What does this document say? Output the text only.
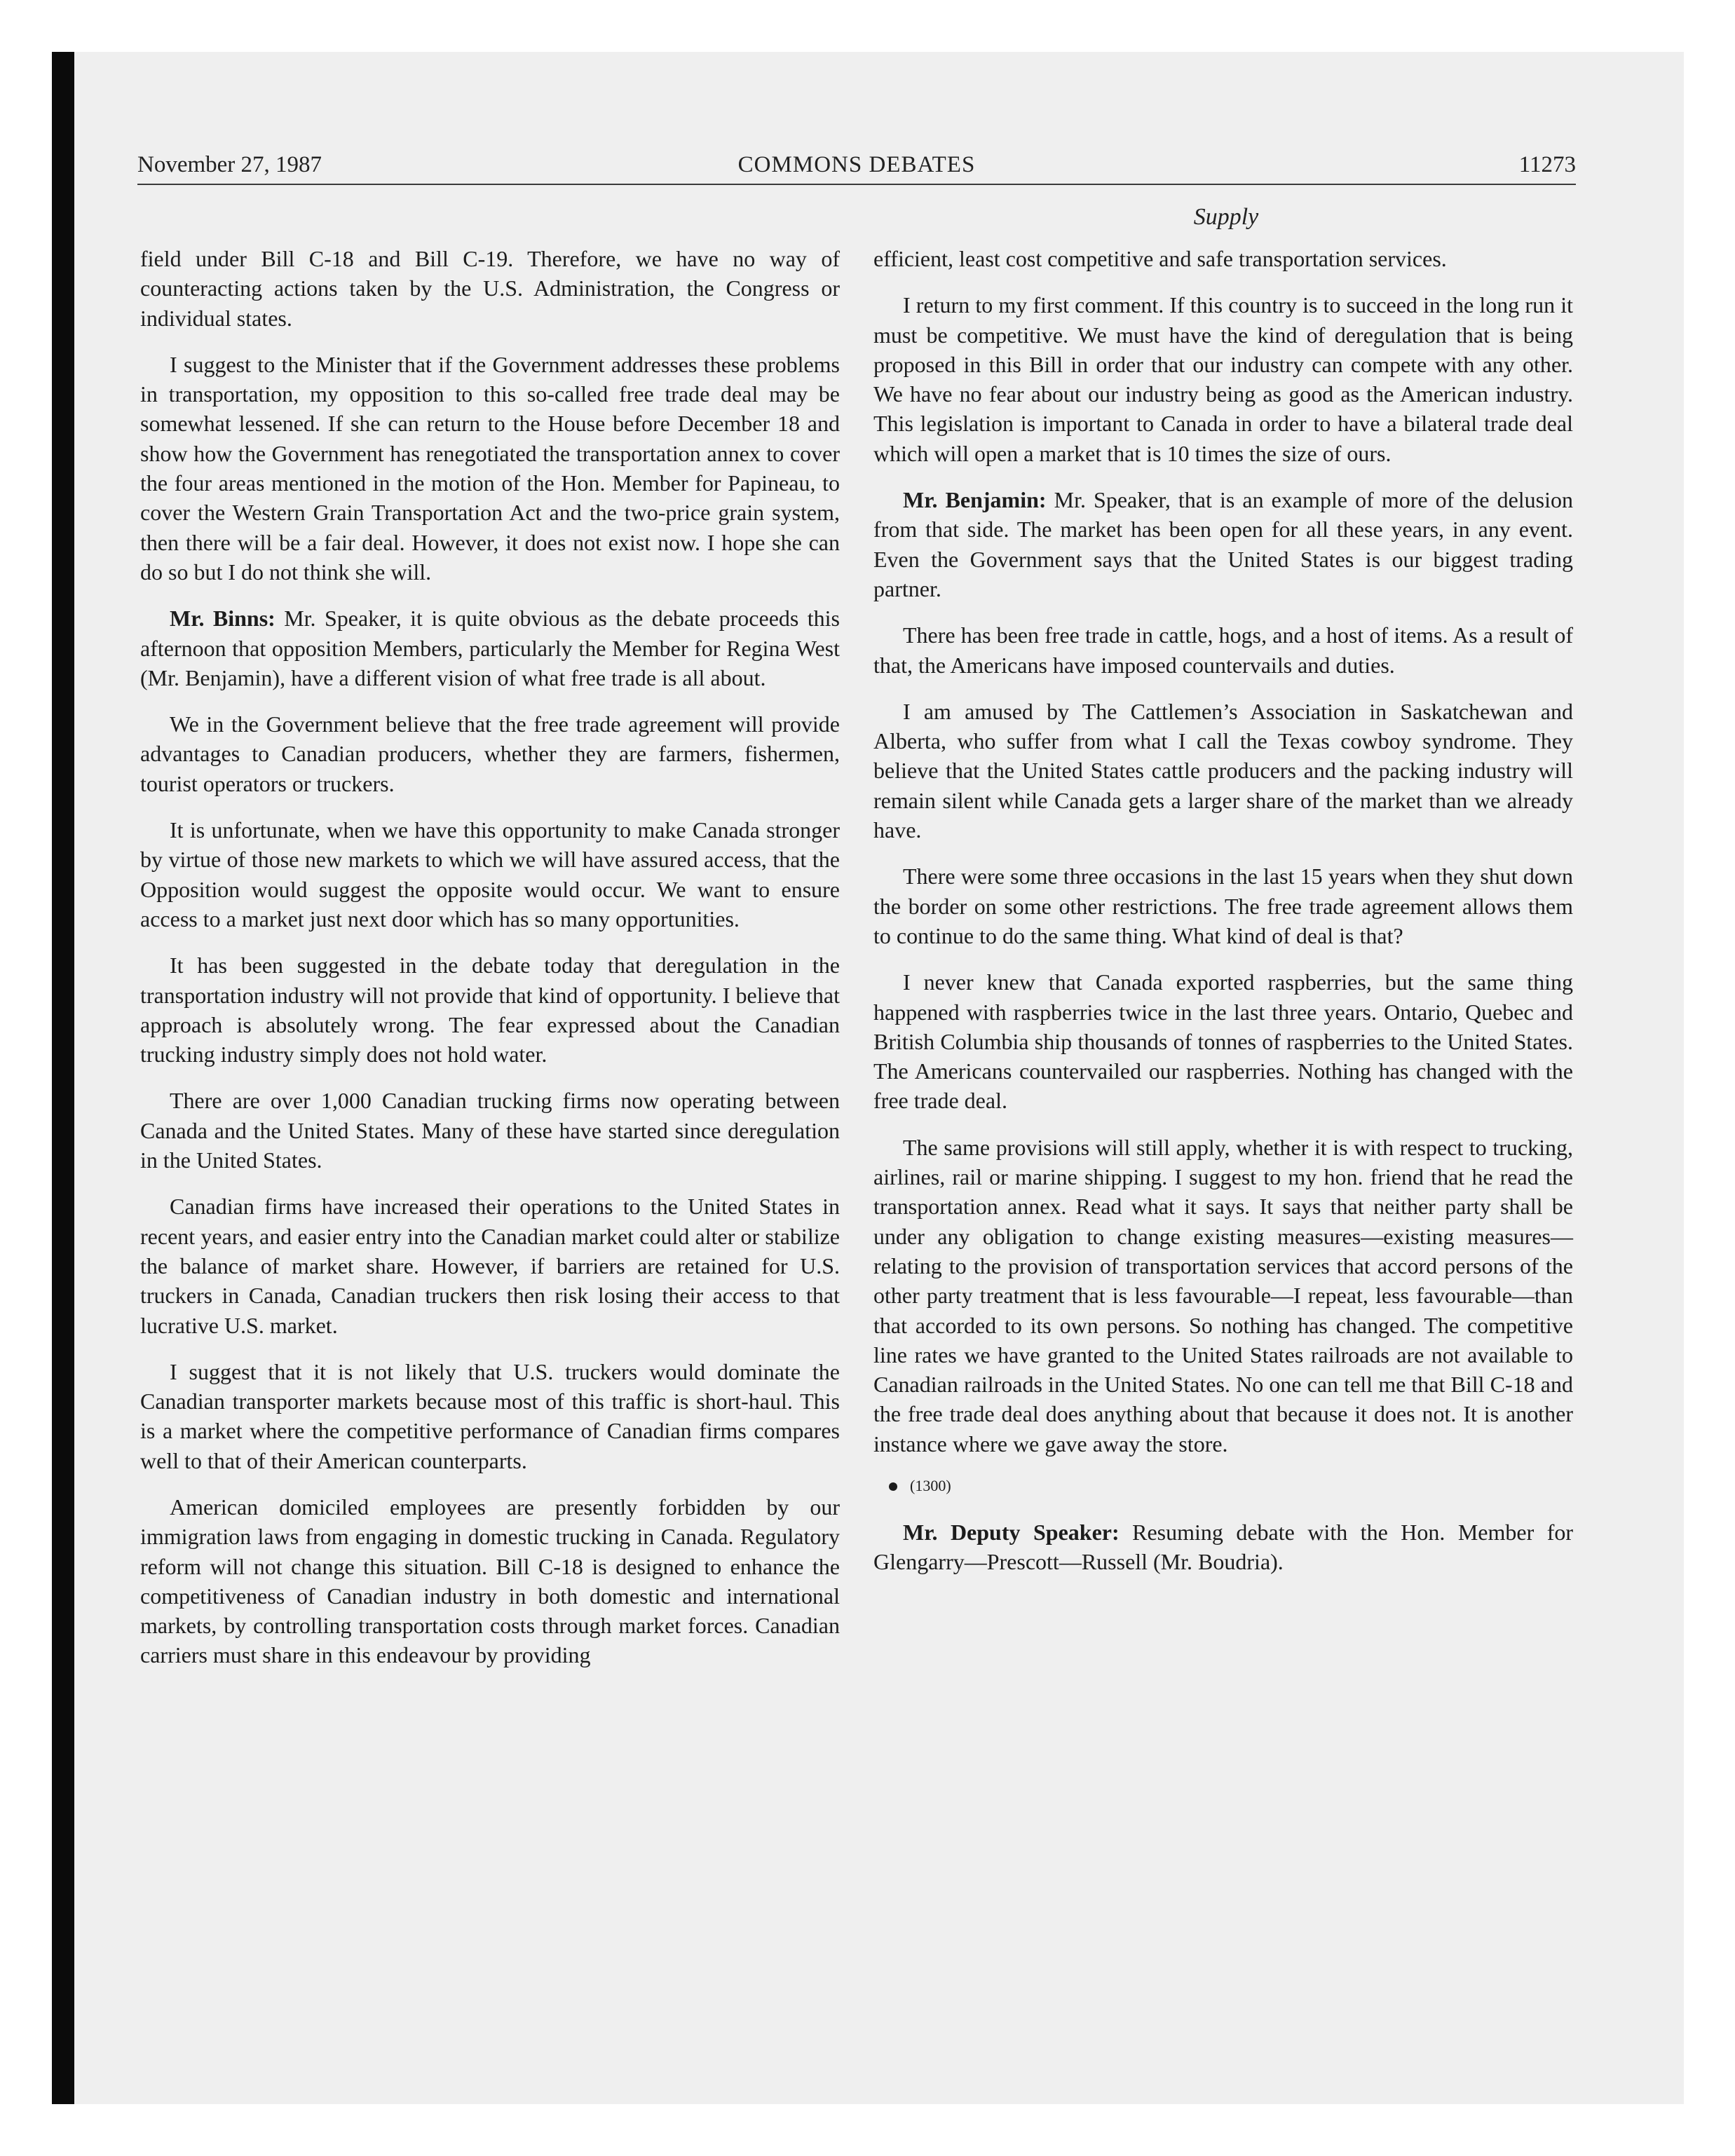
November 27, 1987	COMMONS DEBATES	11273
Supply

field under Bill C-18 and Bill C-19. Therefore, we have no way of counteracting actions taken by the U.S. Administration, the Congress or individual states.

I suggest to the Minister that if the Government addresses these problems in transportation, my opposition to this so-called free trade deal may be somewhat lessened. If she can return to the House before December 18 and show how the Government has renegotiated the transportation annex to cover the four areas mentioned in the motion of the Hon. Member for Papineau, to cover the Western Grain Transportation Act and the two-price grain system, then there will be a fair deal. However, it does not exist now. I hope she can do so but I do not think she will.

Mr. Binns: Mr. Speaker, it is quite obvious as the debate proceeds this afternoon that opposition Members, particularly the Member for Regina West (Mr. Benjamin), have a different vision of what free trade is all about.

We in the Government believe that the free trade agreement will provide advantages to Canadian producers, whether they are farmers, fishermen, tourist operators or truckers.

It is unfortunate, when we have this opportunity to make Canada stronger by virtue of those new markets to which we will have assured access, that the Opposition would suggest the opposite would occur. We want to ensure access to a market just next door which has so many opportunities.

It has been suggested in the debate today that deregulation in the transportation industry will not provide that kind of opportunity. I believe that approach is absolutely wrong. The fear expressed about the Canadian trucking industry simply does not hold water.

There are over 1,000 Canadian trucking firms now operating between Canada and the United States. Many of these have started since deregulation in the United States.

Canadian firms have increased their operations to the United States in recent years, and easier entry into the Canadian market could alter or stabilize the balance of market share. However, if barriers are retained for U.S. truckers in Canada, Canadian truckers then risk losing their access to that lucrative U.S. market.

I suggest that it is not likely that U.S. truckers would dominate the Canadian transporter markets because most of this traffic is short-haul. This is a market where the competitive performance of Canadian firms compares well to that of their American counterparts.

American domiciled employees are presently forbidden by our immigration laws from engaging in domestic trucking in Canada. Regulatory reform will not change this situation. Bill C-18 is designed to enhance the competitiveness of Canadian industry in both domestic and international markets, by controlling transportation costs through market forces. Canadian carriers must share in this endeavour by providing

efficient, least cost competitive and safe transportation services.

I return to my first comment. If this country is to succeed in the long run it must be competitive. We must have the kind of deregulation that is being proposed in this Bill in order that our industry can compete with any other. We have no fear about our industry being as good as the American industry. This legislation is important to Canada in order to have a bilateral trade deal which will open a market that is 10 times the size of ours.

Mr. Benjamin: Mr. Speaker, that is an example of more of the delusion from that side. The market has been open for all these years, in any event. Even the Government says that the United States is our biggest trading partner.

There has been free trade in cattle, hogs, and a host of items. As a result of that, the Americans have imposed countervails and duties.

I am amused by The Cattlemen’s Association in Saskatchewan and Alberta, who suffer from what I call the Texas cowboy syndrome. They believe that the United States cattle producers and the packing industry will remain silent while Canada gets a larger share of the market than we already have.

There were some three occasions in the last 15 years when they shut down the border on some other restrictions. The free trade agreement allows them to continue to do the same thing. What kind of deal is that?

I never knew that Canada exported raspberries, but the same thing happened with raspberries twice in the last three years. Ontario, Quebec and British Columbia ship thousands of tonnes of raspberries to the United States. The Americans countervailed our raspberries. Nothing has changed with the free trade deal.

The same provisions will still apply, whether it is with respect to trucking, airlines, rail or marine shipping. I suggest to my hon. friend that he read the transportation annex. Read what it says. It says that neither party shall be under any obligation to change existing measures—existing measures—relating to the provision of transportation services that accord persons of the other party treatment that is less favourable—I repeat, less favourable—than that accorded to its own persons. So nothing has changed. The competitive line rates we have granted to the United States railroads are not available to Canadian railroads in the United States. No one can tell me that Bill C-18 and the free trade deal does anything about that because it does not. It is another instance where we gave away the store.

(1300)

Mr. Deputy Speaker: Resuming debate with the Hon. Member for Glengarry—Prescott—Russell (Mr. Boudria).
